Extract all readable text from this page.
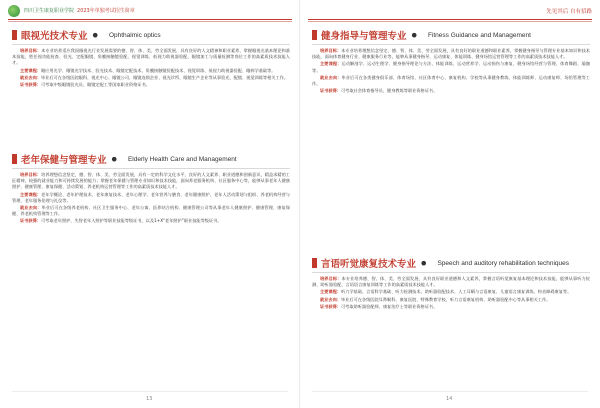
四川卫生康复职业学院 2023年单独考试招生简章
眼视光技术专业 • Ophthalmic optics

培养目标：本专业培养适应我国眼视光行业发展需要的德、智、体、美、劳全面发展，具有良好的人文精神和职业素养，掌握眼视光基本理论和基本技能，胜任视功能检查、验光、定配眼镜、角膜接触镜验配、视觉训练、低视力助视器验配、眼镜加工与质量检测等岗位工作的高素质技术技能人才。

主要课程：眼应用光学、眼镜光学技术、验光技术、眼镜定配技术、角膜接触镜验配技术、视觉训练、低视力助视器验配、眼病学基础等。

就业去向：毕业后可在各级医院眼科、视光中心、眼镜公司、眼镜连锁企业、视光诊所、眼镜生产企业等从事验光、配镜、视觉训练等相关工作。

证书获得：可考取中级眼镜验光员、眼镜定配工等国家职业资格证书。

老年保健与管理专业 • Elderly Health Care and Management

培养目标：培养理想信念坚定，德、智、体、美、劳全面发展，具有一定的科学文化水平，良好的人文素养、职业道德和创新意识，精益求精的工匠精神，较强的就业能力和可持续发展的能力；掌握老年保健与管理专业知识和技术技能，面向养老服务机构、社区服务中心等，能够从事老年人健康照护、健康管理、康复保健、活动策划、养老机构运营管理等工作的高素质技术技能人才。

主要课程：老年学概论、老年护理技术、老年康复技术、老年心理学、老年营养与膳食、老年健康照护、老年人活动策划与组织、养老机构经营与管理、老年服务伦理与礼仪等。

就业去向：毕业后可在各级养老机构、社区卫生服务中心、老年公寓、医养结合机构、健康管理公司等从事老年人健康照护、健康管理、康复保健、养老机构管理等工作。

证书获得：可考取老年照护、失智老年人照护等职业技能等级证书，以及1+X“老年照护”职业技能等级证书。

13
先见其后 自有招路
健身指导与管理专业 • Fitness Guidance and Management

培养目标：本专业培养理想信念坚定，德、智、体、美、劳全面发展，具有良好的职业道德和职业素养，掌握健身指导与管理专业基本知识和技术技能，面向体育健身行业、健康服务行业等，能够从事健身指导、运动康复、体能训练、健身场馆运营管理等工作的高素质技术技能人才。

主要课程：运动解剖学、运动生理学、健身指导理论与方法、体能训练、运动营养学、运动损伤与康复、健身场馆经营与管理、体育舞蹈、瑜伽等。

就业去向：毕业后可在各类健身俱乐部、体育场馆、社区体育中心、康复机构、学校等从事健身教练、体能训练师、运动康复师、场馆管理等工作。

证书获得：可考取社会体育指导员、健身教练等职业资格证书。

言语听觉康复技术专业 • Speech and auditory rehabilitation techniques

培养目标：本专业培养德、智、体、美、劳全面发展，具有良好职业道德和人文素养，掌握言语听觉康复基本理论和技术技能，能够从事听力检测、助听器验配、言语语言康复训练等工作的高素质技术技能人才。

主要课程：听力学基础、言语科学基础、听力检测技术、助听器验配技术、人工耳蜗与言语康复、儿童语言康复训练、构音障碍康复等。

就业去向：毕业后可在各级医院耳鼻喉科、康复医院、特殊教育学校、听力言语康复机构、助听器验配中心等从事相关工作。

证书获得：可考取助听器验配师、康复治疗士等职业资格证书。

14
